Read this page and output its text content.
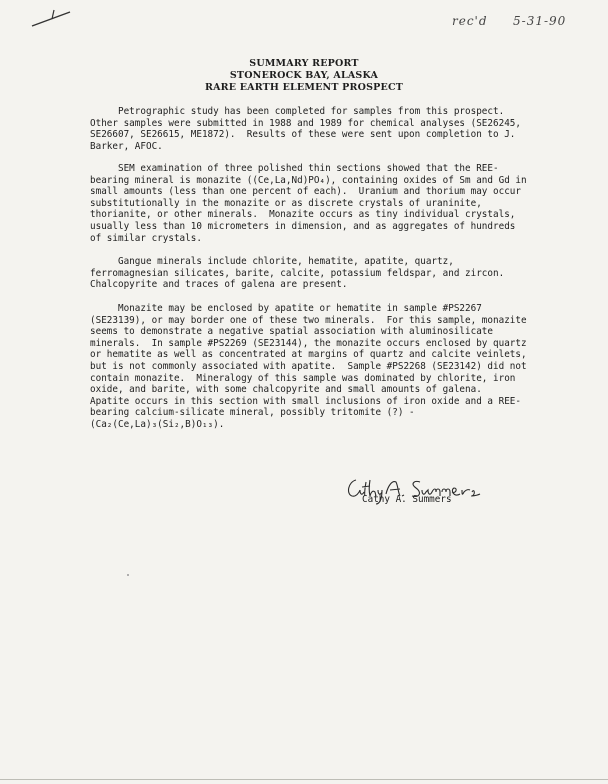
rec'd 5-31-90
SUMMARY REPORT
STONEROCK BAY, ALASKA
RARE EARTH ELEMENT PROSPECT
Petrographic study has been completed for samples from this prospect.
Other samples were submitted in 1988 and 1989 for chemical analyses (SE26245,
SE26607, SE26615, ME1872).  Results of these were sent upon completion to J.
Barker, AFOC.
SEM examination of three polished thin sections showed that the REE-
bearing mineral is monazite ((Ce,La,Nd)PO₄), containing oxides of Sm and Gd in
small amounts (less than one percent of each).  Uranium and thorium may occur
substitutionally in the monazite or as discrete crystals of uraninite,
thorianite, or other minerals.  Monazite occurs as tiny individual crystals,
usually less than 10 micrometers in dimension, and as aggregates of hundreds
of similar crystals.
Gangue minerals include chlorite, hematite, apatite, quartz,
ferromagnesian silicates, barite, calcite, potassium feldspar, and zircon.
Chalcopyrite and traces of galena are present.
Monazite may be enclosed by apatite or hematite in sample #PS2267
(SE23139), or may border one of these two minerals.  For this sample, monazite
seems to demonstrate a negative spatial association with aluminosilicate
minerals.  In sample #PS2269 (SE23144), the monazite occurs enclosed by quartz
or hematite as well as concentrated at margins of quartz and calcite veinlets,
but is not commonly associated with apatite.  Sample #PS2268 (SE23142) did not
contain monazite.  Mineralogy of this sample was dominated by chlorite, iron
oxide, and barite, with some chalcopyrite and small amounts of galena.
Apatite occurs in this section with small inclusions of iron oxide and a REE-
bearing calcium-silicate mineral, possibly tritomite (?) -
(Ca₂(Ce,La)₃(Si₂,B)O₁₃).
Cathy A. Summers
